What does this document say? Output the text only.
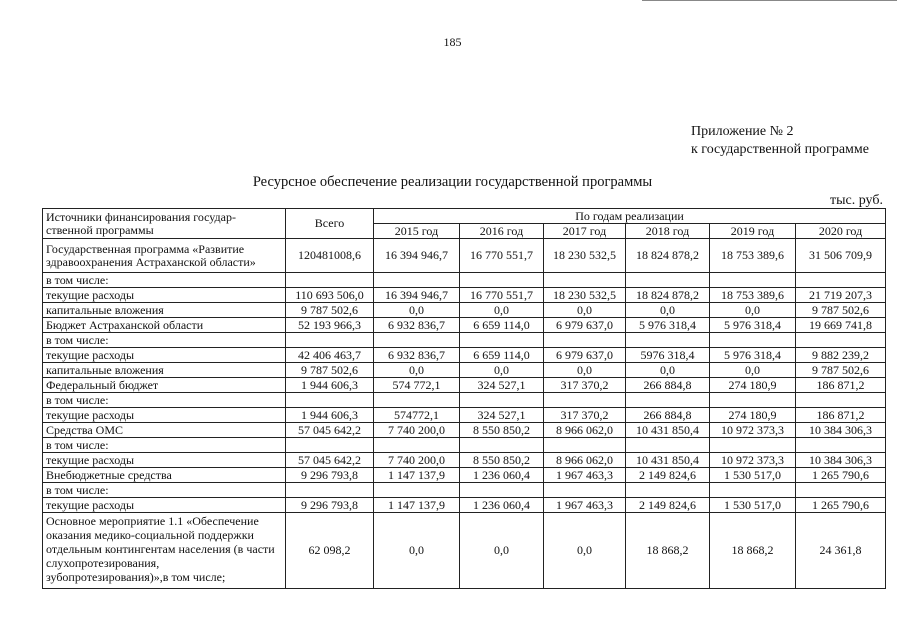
185
Приложение № 2
к государственной программе
Ресурсное обеспечение реализации государственной программы
тыс. руб.
Источники финансирования государ-ственной программы	Всего	По годам реализации					
		2015 год	2016 год	2017 год	2018 год	2019 год	2020 год
Государственная программа «Развитие здравоохранения Астраханской области»	120481008,6	16 394 946,7	16 770 551,7	18 230 532,5	18 824 878,2	18 753 389,6	31 506 709,9
в том числе:							
текущие расходы	110 693 506,0	16 394 946,7	16 770 551,7	18 230 532,5	18 824 878,2	18 753 389,6	21 719 207,3
капитальные вложения	9 787 502,6	0,0	0,0	0,0	0,0	0,0	9 787 502,6
Бюджет Астраханской области	52 193 966,3	6 932 836,7	6 659 114,0	6 979 637,0	5 976 318,4	5 976 318,4	19 669 741,8
в том числе:							
текущие расходы	42 406 463,7	6 932 836,7	6 659 114,0	6 979 637,0	5976 318,4	5 976 318,4	9 882 239,2
капитальные вложения	9 787 502,6	0,0	0,0	0,0	0,0	0,0	9 787 502,6
Федеральный бюджет	1 944 606,3	574 772,1	324 527,1	317 370,2	266 884,8	274 180,9	186 871,2
в том числе:							
текущие расходы	1 944 606,3	574772,1	324 527,1	317 370,2	266 884,8	274 180,9	186 871,2
Средства ОМС	57 045 642,2	7 740 200,0	8 550 850,2	8 966 062,0	10 431 850,4	10 972 373,3	10 384 306,3
в том числе:							
текущие расходы	57 045 642,2	7 740 200,0	8 550 850,2	8 966 062,0	10 431 850,4	10 972 373,3	10 384 306,3
Внебюджетные средства	9 296 793,8	1 147 137,9	1 236 060,4	1 967 463,3	2 149 824,6	1 530 517,0	1 265 790,6
в том числе:							
текущие расходы	9 296 793,8	1 147 137,9	1 236 060,4	1 967 463,3	2 149 824,6	1 530 517,0	1 265 790,6
Основное мероприятие 1.1 «Обеспечение оказания медико-социальной поддержки отдельным контингентам населения (в части слухопротезирования, зубопротезирования)»,в том числе;	62 098,2	0,0	0,0	0,0	18 868,2	18 868,2	24 361,8
